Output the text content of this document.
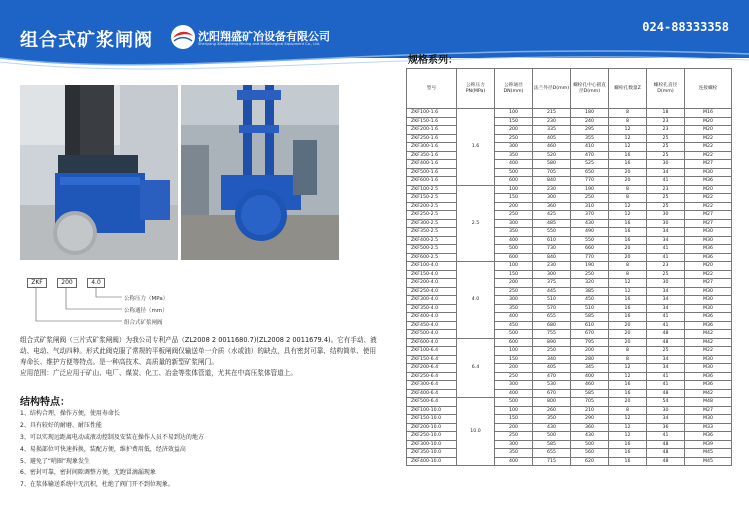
组合式矿浆闸阀	沈阳翔盛矿冶设备有限公司
Shenyang Xiangsheng Mining and Metallurgical Equipment Co., Ltd.
024-88333358
ZKF	200	4.0
公称压力（MPa）
公称通径（mm）
组合式矿浆闸阀
组合式矿浆闸阀（三片式矿浆闸阀）为我公司专利产品（ZL2008 2 0011680.7)(ZL2008 2 0011679.4)。它有手动、液动、电动、气动四种。形式此阀克服了常规的平板闸阀仅输送单一介质（水或油）的缺点，具有密封可靠、结构简单、使用寿命长、维护方便等特点。是一种高技术、高质量的新型矿浆闸门。
应用范围：广泛应用于矿山、电厂、煤炭、化工、冶金等浆体管道，尤其在中高压浆体管道上。
结构特点：
1、结构合理，操作方便，使用寿命长
2、具有较好的耐磨、耐压性能
3、可以实现远距离电动或液动控制及安装在操作人员不易到达的地方
4、易损部位可快速拆换，装配方便，维护费用低，经济效益高
5、避免了“哨圈”现象发生
6、密封可靠，密封间隙调整方便，无跑冒滴漏现象
7、在浆体输送系统中无沉积，杜绝了阀门开不到位现象。
规格系列：
型号	公称压力PN(MPa)	公称通径DN(mm)	法兰外径D(mm)	螺栓孔中心圆直径D(mm)	螺栓孔数量Z	螺栓孔直径D(mm)	连接螺栓
ZKF100-1.6	1.6	100	215	180	8	18	M16
ZKF150-1.6		150	230	240	8	23	M20
ZKF200-1.6		200	335	295	12	23	M20
ZKF250-1.6		250	405	355	12	25	M22
ZKF300-1.6		300	460	410	12	25	M22
ZKF350-1.6		350	520	470	16	25	M22
ZKF400-1.6		400	580	525	16	30	M27
ZKF500-1.6		500	705	650	20	34	M30
ZKF600-1.6		600	840	770	20	41	M36
ZKF100-2.5	2.5	100	230	190	8	23	M20
ZKF150-2.5		150	300	250	8	25	M22
ZKF200-2.5		200	360	310	12	25	M22
ZKF250-2.5		250	425	370	12	30	M27
ZKF300-2.5		300	485	430	16	30	M27
ZKF350-2.5		350	550	490	16	34	M30
ZKF400-2.5		400	610	550	16	34	M30
ZKF500-2.5		500	730	660	20	41	M36
ZKF600-2.5		600	840	770	20	41	M36
ZKF100-4.0	4.0	100	230	190	8	23	M20
ZKF150-4.0		150	300	250	8	25	M22
ZKF200-4.0		200	375	320	12	30	M27
ZKF250-4.0		250	445	385	12	34	M30
ZKF300-4.0		300	510	450	16	34	M30
ZKF350-4.0		350	570	510	16	34	M30
ZKF400-4.0		400	655	585	16	41	M36
ZKF450-4.0		450	680	610	20	41	M36
ZKF500-4.0		500	755	670	20	48	M42
ZKF600-4.0	6.4	600	890	795	20	48	M42
ZKF100-6.4		100	250	200	8	25	M22
ZKF150-6.4		150	340	280	8	34	M30
ZKF200-6.4		200	405	345	12	34	M30
ZKF250-6.4		250	470	400	12	41	M36
ZKF300-6.4		300	530	460	16	41	M36
ZKF400-6.4		400	670	585	16	48	M42
ZKF500-6.4	10.0	500	800	705	20	54	M48
ZKF100-10.0		100	260	210	8	30	M27
ZKF150-10.0		150	350	290	12	34	M30
ZKF200-10.0		200	430	360	12	36	M33
ZKF250-10.0		250	500	430	12	41	M36
ZKF300-10.0		300	585	500	16	48	M39
ZKF350-10.0		350	655	560	16	48	M45
ZKF400-10.0		400	715	620	16	48	M45
